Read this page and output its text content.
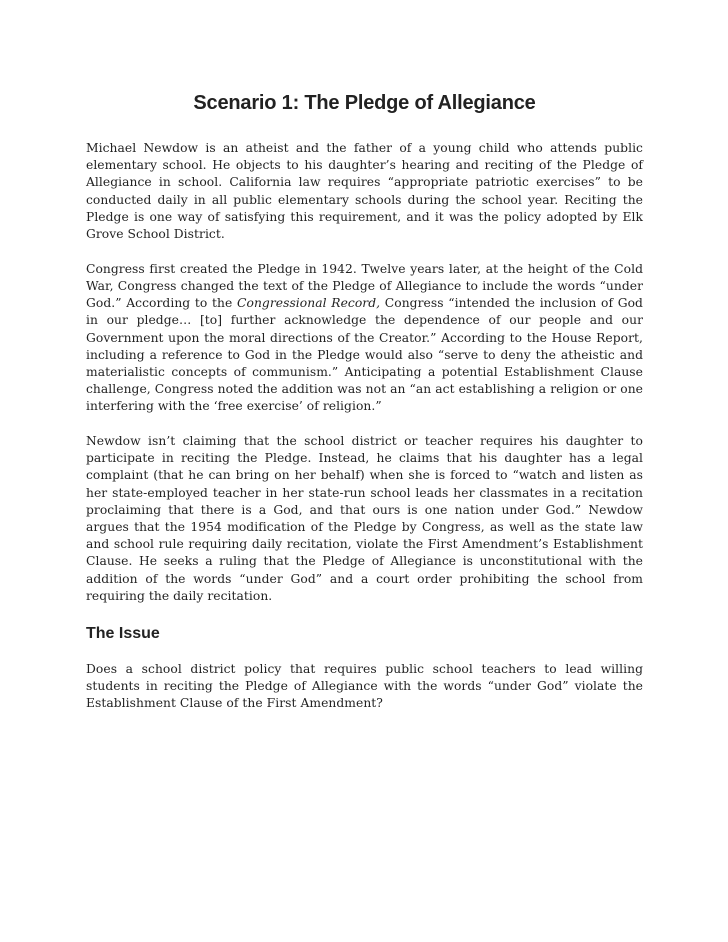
Scenario 1: The Pledge of Allegiance

Michael Newdow is an atheist and the father of a young child who attends public elementary school. He objects to his daughter’s hearing and reciting of the Pledge of Allegiance in school. California law requires “appropriate patriotic exercises” to be conducted daily in all public elementary schools during the school year. Reciting the Pledge is one way of satisfying this requirement, and it was the policy adopted by Elk Grove School District.

Congress first created the Pledge in 1942. Twelve years later, at the height of the Cold War, Congress changed the text of the Pledge of Allegiance to include the words “under God.” According to the Congressional Record, Congress “intended the inclusion of God in our pledge… [to] further acknowledge the dependence of our people and our Government upon the moral directions of the Creator.” According to the House Report, including a reference to God in the Pledge would also “serve to deny the atheistic and materialistic concepts of communism.” Anticipating a potential Establishment Clause challenge, Congress noted the addition was not an “an act establishing a religion or one interfering with the ‘free exercise’ of religion.”

Newdow isn’t claiming that the school district or teacher requires his daughter to participate in reciting the Pledge. Instead, he claims that his daughter has a legal complaint (that he can bring on her behalf) when she is forced to “watch and listen as her state-employed teacher in her state-run school leads her classmates in a recitation proclaiming that there is a God, and that ours is one nation under God.” Newdow argues that the 1954 modification of the Pledge by Congress, as well as the state law and school rule requiring daily recitation, violate the First Amendment’s Establishment Clause. He seeks a ruling that the Pledge of Allegiance is unconstitutional with the addition of the words “under God” and a court order prohibiting the school from requiring the daily recitation.

The Issue

Does a school district policy that requires public school teachers to lead willing students in reciting the Pledge of Allegiance with the words “under God” violate the Establishment Clause of the First Amendment?
